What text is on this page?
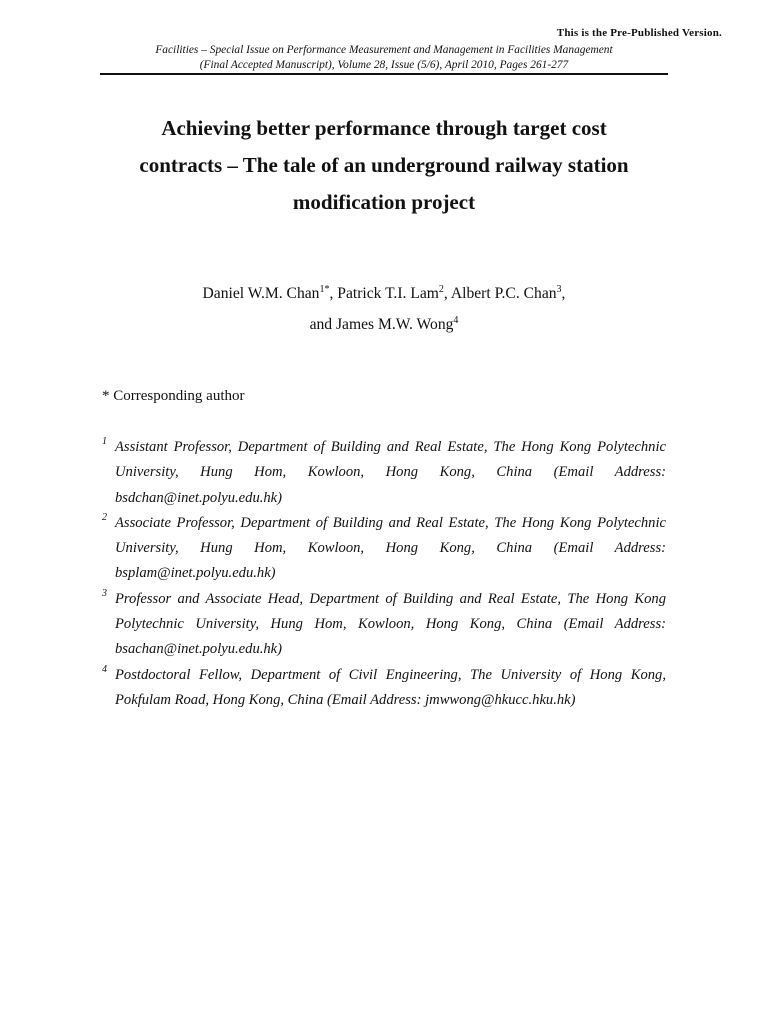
This is the Pre-Published Version.
Facilities – Special Issue on Performance Measurement and Management in Facilities Management
(Final Accepted Manuscript), Volume 28, Issue (5/6), April 2010, Pages 261-277
Achieving better performance through target cost
contracts – The tale of an underground railway station
modification project
Daniel W.M. Chan$^{1*}$, Patrick T.I. Lam$^2$, Albert P.C. Chan$^3$,
and James M.W. Wong$^4$
* Corresponding author
1 Assistant Professor, Department of Building and Real Estate, The Hong Kong Polytechnic University, Hung Hom, Kowloon, Hong Kong, China (Email Address: bsdchan@inet.polyu.edu.hk)
2 Associate Professor, Department of Building and Real Estate, The Hong Kong Polytechnic University, Hung Hom, Kowloon, Hong Kong, China (Email Address: bsplam@inet.polyu.edu.hk)
3 Professor and Associate Head, Department of Building and Real Estate, The Hong Kong Polytechnic University, Hung Hom, Kowloon, Hong Kong, China (Email Address: bsachan@inet.polyu.edu.hk)
4 Postdoctoral Fellow, Department of Civil Engineering, The University of Hong Kong, Pokfulam Road, Hong Kong, China (Email Address: jmwwong@hkucc.hku.hk)
